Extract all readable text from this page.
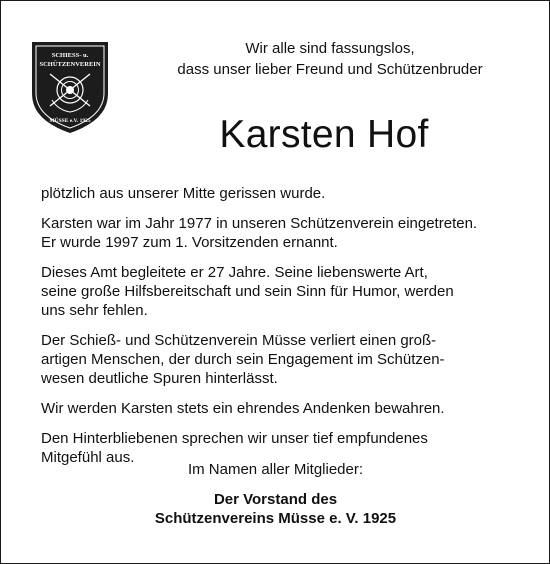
SCHIESS- u.
SCHÜTZENVEREIN
MÜSSE e.V. 1925

Wir alle sind fassungslos,

dass unser lieber Freund und Schützenbruder

Karsten Hof

plötzlich aus unserer Mitte gerissen wurde.

Karsten war im Jahr 1977 in unseren Schützenverein eingetreten.

Er wurde 1997 zum 1. Vorsitzenden ernannt.

Dieses Amt begleitete er 27 Jahre. Seine liebenswerte Art,

seine große Hilfsbereitschaft und sein Sinn für Humor, werden

uns sehr fehlen.

Der Schieß- und Schützenverein Müsse verliert einen groß-

artigen Menschen, der durch sein Engagement im Schützen-

wesen deutliche Spuren hinterlässt.

Wir werden Karsten stets ein ehrendes Andenken bewahren.

Den Hinterbliebenen sprechen wir unser tief empfundenes

Mitgefühl aus.

Im Namen aller Mitglieder:

Der Vorstand des

Schützenvereins Müsse e. V. 1925
